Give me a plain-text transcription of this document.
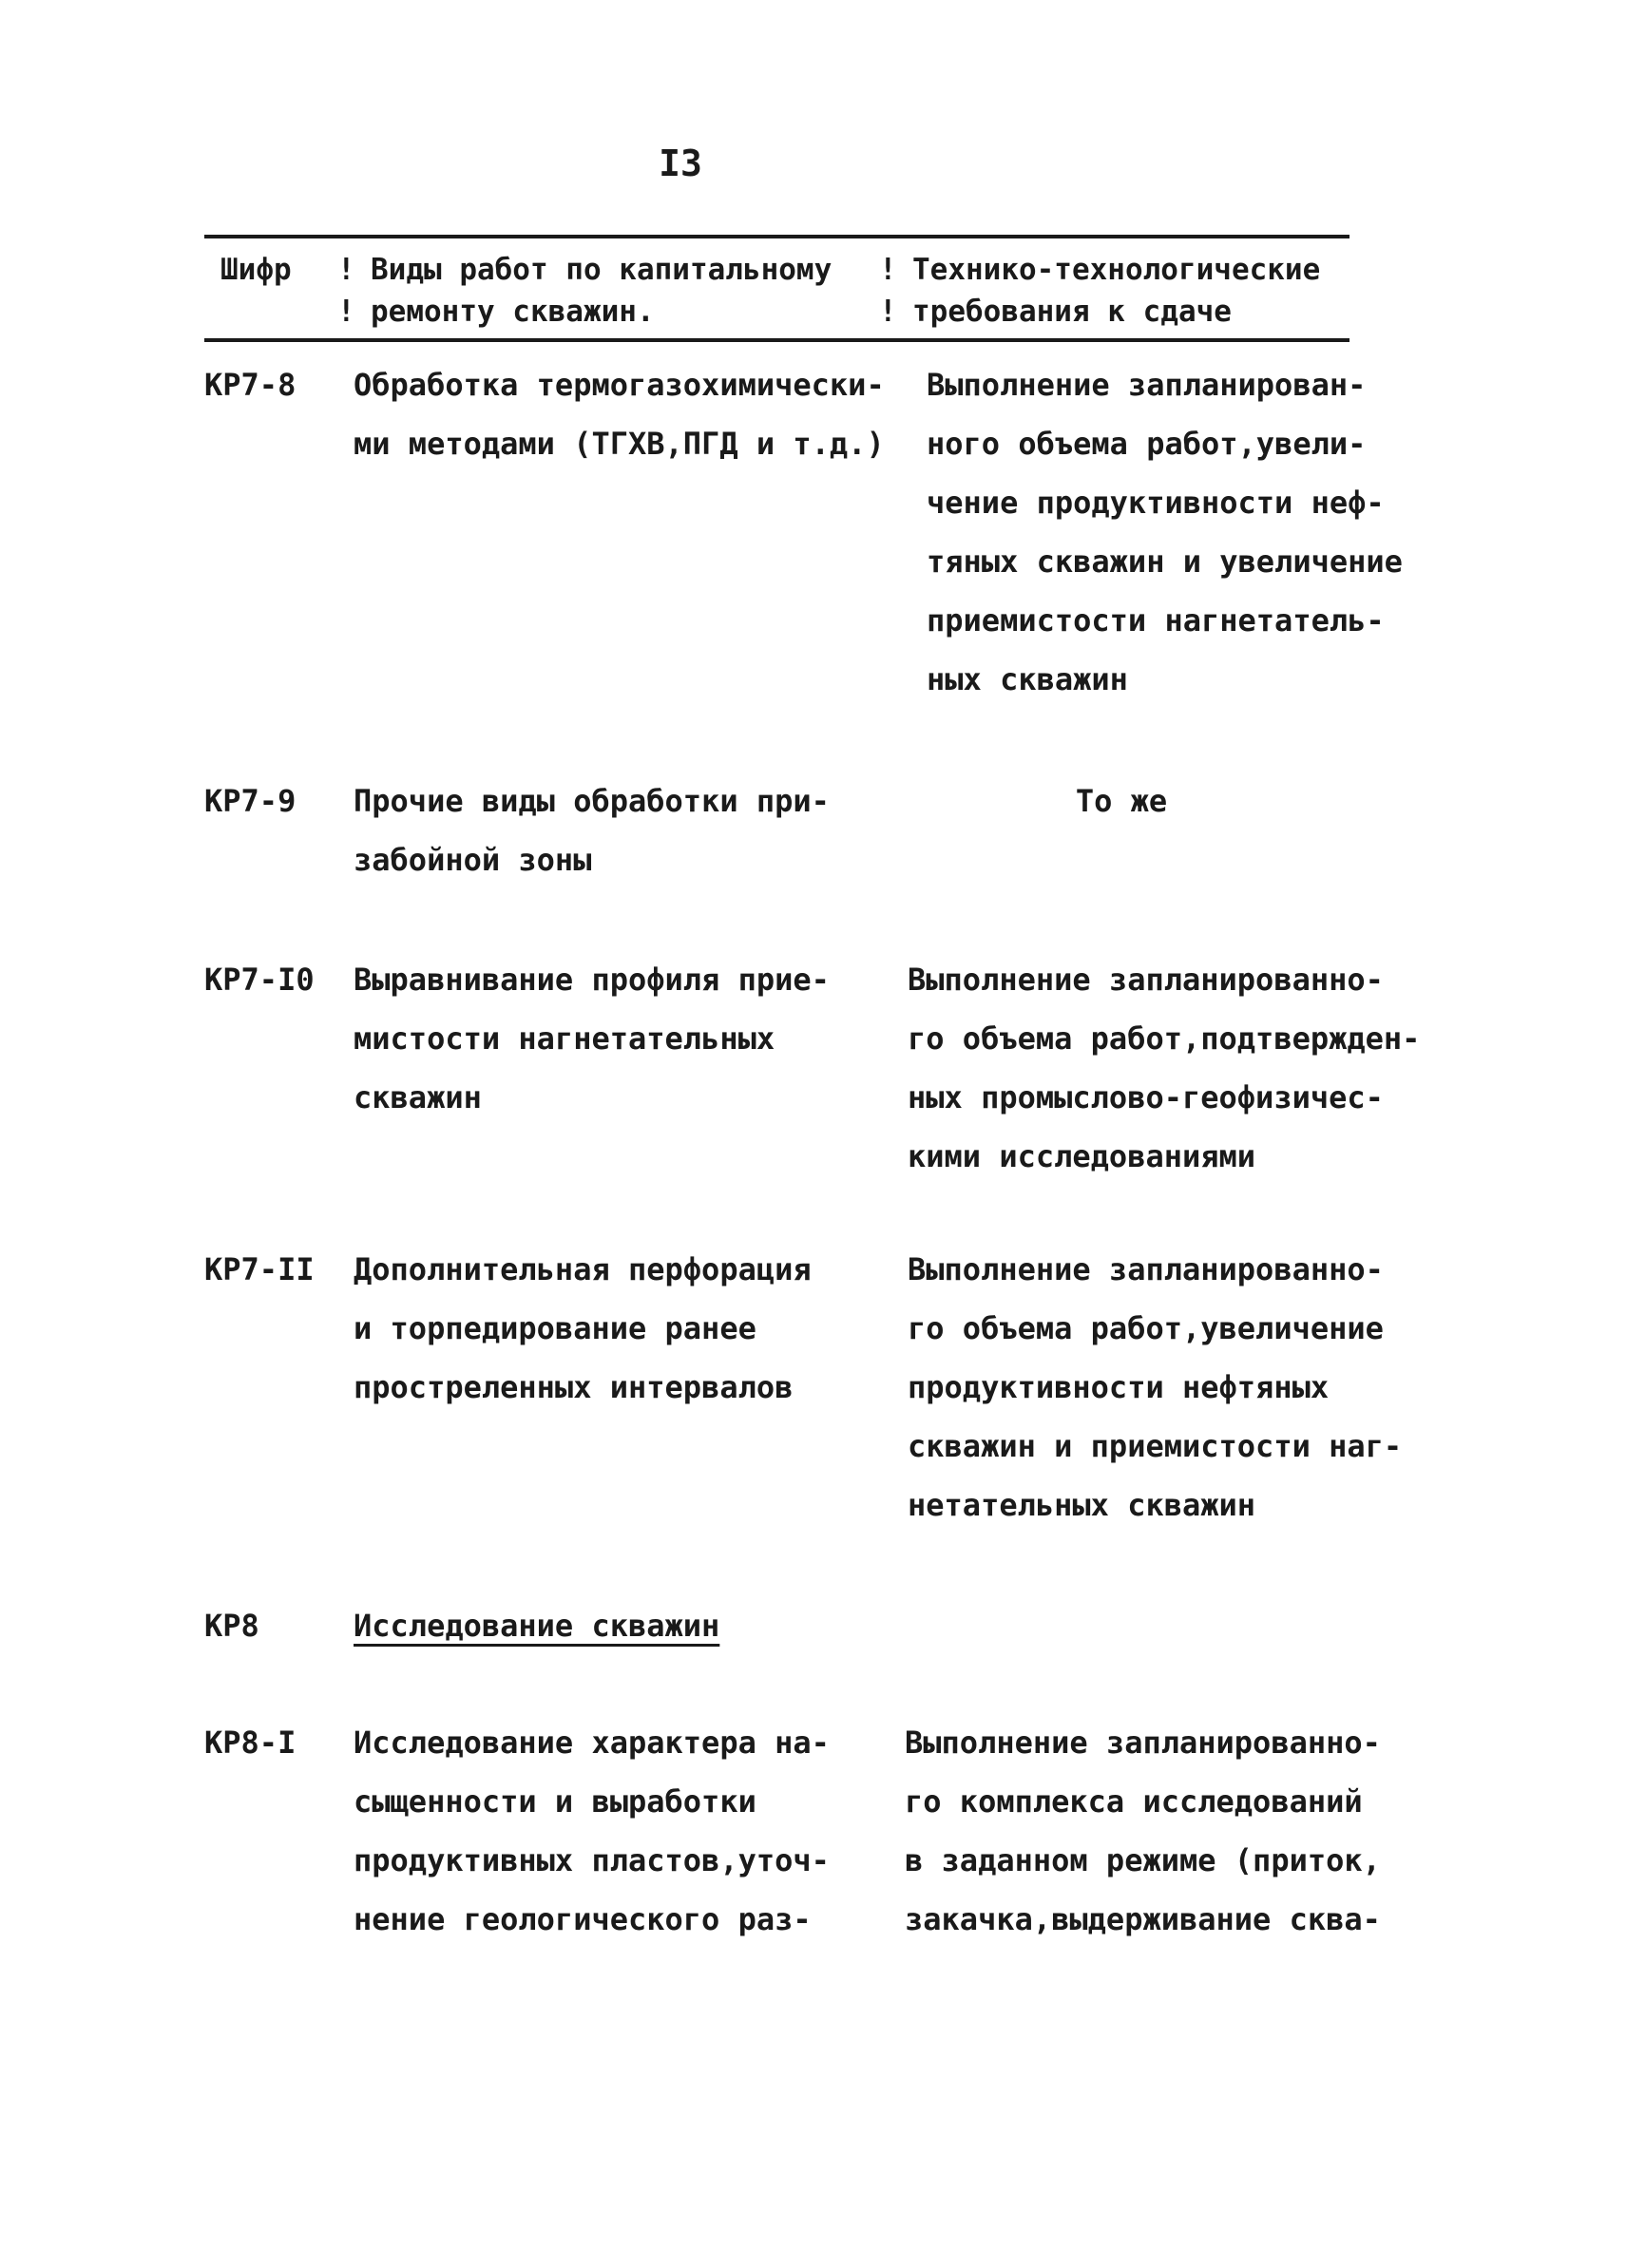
I3
Шифр !
!
Виды работ по капитальному
ремонту скважин.
!
!
Технико-технологические
требования к сдаче
КР7-8 Обработка термогазохимически-
ми методами (ТГХВ,ПГД и т.д.)
Выполнение запланирован-
ного объема работ,увели-
чение продуктивности неф-
тяных скважин и увеличение
приемистости нагнетатель-
ных скважин
КР7-9 Прочие виды обработки при-
забойной зоны
То же
КР7-I0 Выравнивание профиля прие-
мистости нагнетательных
скважин
Выполнение запланированно-
го объема работ,подтвержден-
ных промыслово-геофизичес-
кими исследованиями
КР7-II Дополнительная перфорация
и торпедирование ранее
простреленных интервалов
Выполнение запланированно-
го объема работ,увеличение
продуктивности нефтяных
скважин и приемистости наг-
нетательных скважин
КР8	Исследование скважин
КР8-I Исследование характера на-
сыщенности и выработки
продуктивных пластов,уточ-
нение геологического раз-
Выполнение запланированно-
го комплекса исследований
в заданном режиме (приток,
закачка,выдерживание сква-
